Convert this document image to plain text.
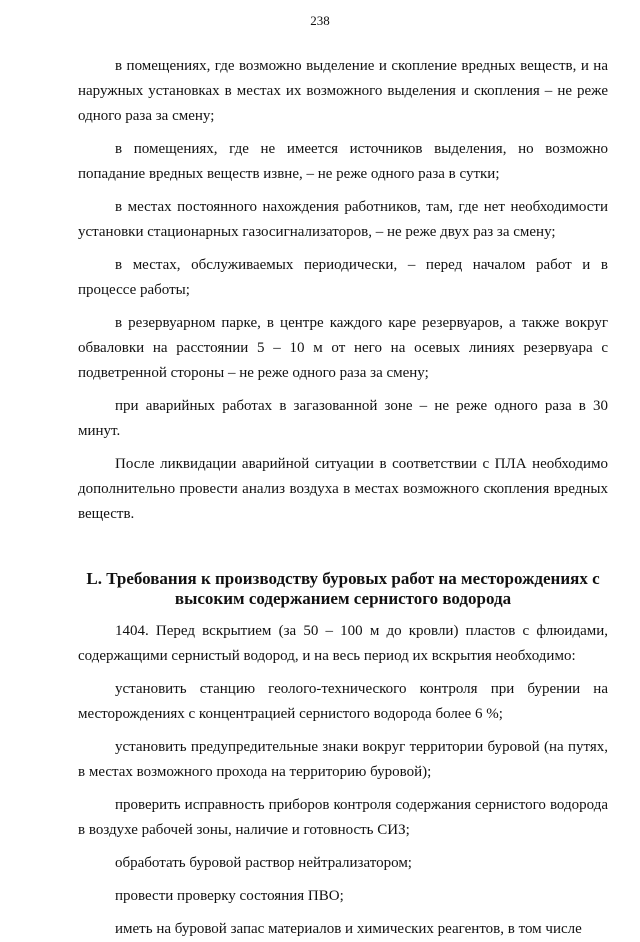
238

в помещениях, где возможно выделение и скопление вредных веществ, и на наружных установках в местах их возможного выделения и скопления – не реже одного раза за смену;

в помещениях, где не имеется источников выделения, но возможно попадание вредных веществ извне, – не реже одного раза в сутки;

в местах постоянного нахождения работников, там, где нет необходимости установки стационарных газосигнализаторов, – не реже двух раз за смену;

в местах, обслуживаемых периодически, – перед началом работ и в процессе работы;

в резервуарном парке, в центре каждого каре резервуаров, а также вокруг обваловки на расстоянии 5 – 10 м от него на осевых линиях резервуара с подветренной стороны – не реже одного раза за смену;

при аварийных работах в загазованной зоне – не реже одного раза в 30 минут.

После ликвидации аварийной ситуации в соответствии с ПЛА необходимо дополнительно провести анализ воздуха в местах возможного скопления вредных веществ.

L. Требования к производству буровых работ на месторождениях с
высоким содержанием сернистого водорода

1404. Перед вскрытием (за 50 – 100 м до кровли) пластов с флюидами, содержащими сернистый водород, и на весь период их вскрытия необходимо:

установить станцию геолого-технического контроля при бурении на месторождениях с концентрацией сернистого водорода более 6 %;

установить предупредительные знаки вокруг территории буровой (на путях, в местах возможного прохода на территорию буровой);

проверить исправность приборов контроля содержания сернистого водорода в воздухе рабочей зоны, наличие и готовность СИЗ;

обработать буровой раствор нейтрализатором;

провести проверку состояния ПВО;

иметь на буровой запас материалов и химических реагентов, в том числе
